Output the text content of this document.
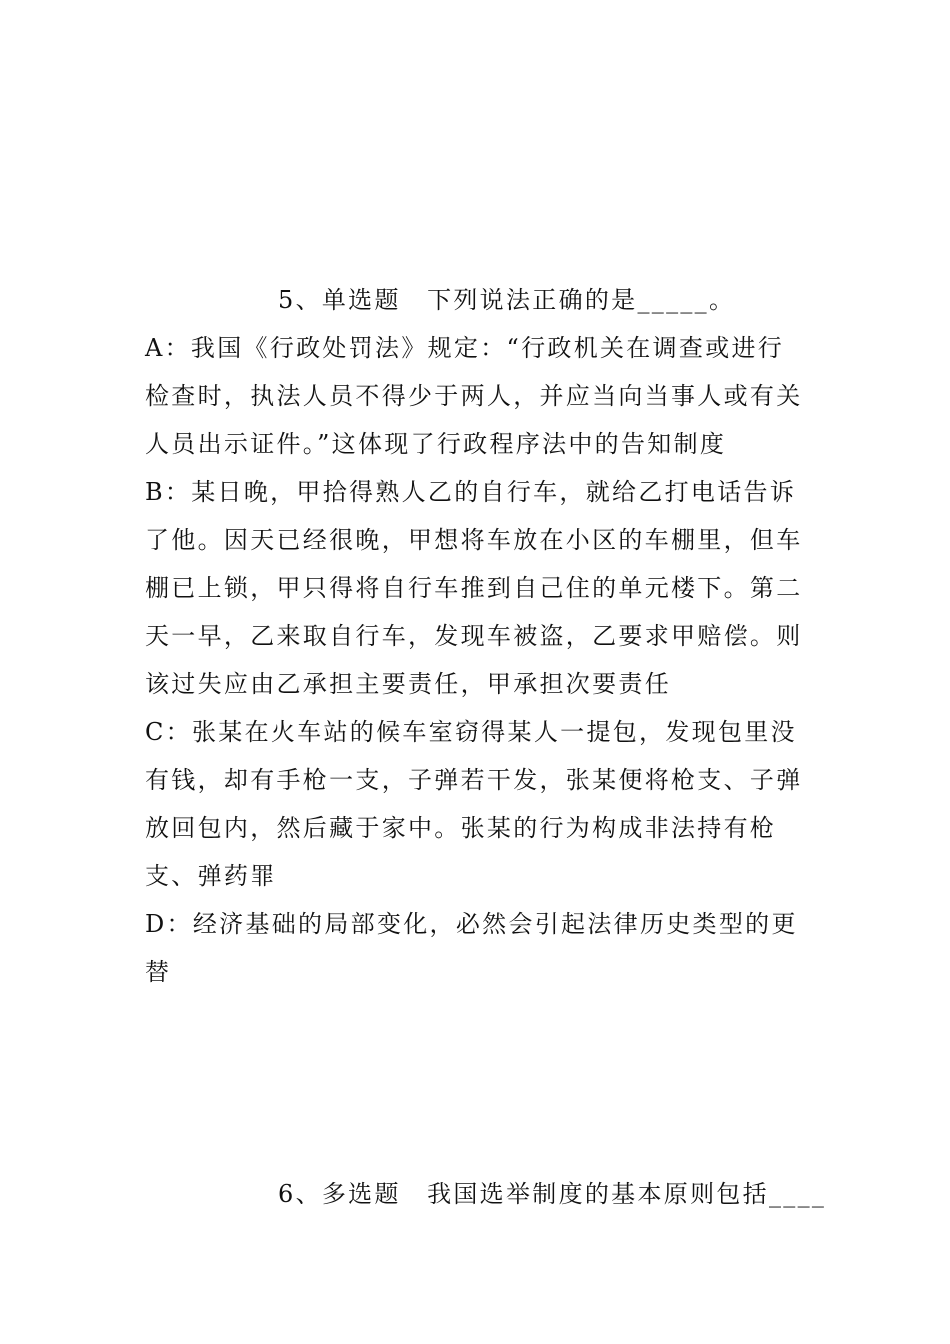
5、单选题　下列说法正确的是_____。
A：我国《行政处罚法》规定：“行政机关在调查或进行检查时，执法人员不得少于两人，并应当向当事人或有关人员出示证件。”这体现了行政程序法中的告知制度
B：某日晚，甲拾得熟人乙的自行车，就给乙打电话告诉了他。因天已经很晚，甲想将车放在小区的车棚里，但车棚已上锁，甲只得将自行车推到自己住的单元楼下。第二天一早，乙来取自行车，发现车被盗，乙要求甲赔偿。则该过失应由乙承担主要责任，甲承担次要责任
C：张某在火车站的候车室窃得某人一提包，发现包里没有钱，却有手枪一支，子弹若干发，张某便将枪支、子弹放回包内，然后藏于家中。张某的行为构成非法持有枪支、弹药罪
D：经济基础的局部变化，必然会引起法律历史类型的更替
6、多选题　我国选举制度的基本原则包括____
